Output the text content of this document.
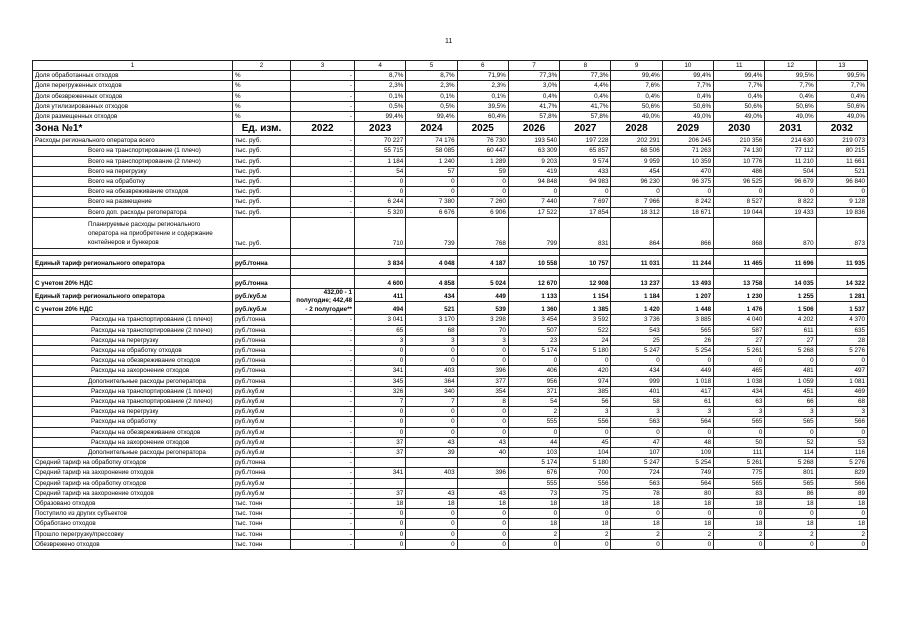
11
1	2	3	4	5	6	7	8	9	10	11	12	13
Доля обработанных отходов	%	-	8,7%	8,7%	71,9%	77,3%	77,3%	99,4%	99,4%	99,4%	99,5%	99,5%
Доля перегруженных отходов	%	-	2,3%	2,3%	2,3%	3,0%	4,4%	7,6%	7,7%	7,7%	7,7%	7,7%
Доля обезвреженных отходов	%	-	0,1%	0,1%	0,1%	0,4%	0,4%	0,4%	0,4%	0,4%	0,4%	0,4%
Доля утилизированных отходов	%	-	0,5%	0,5%	39,5%	41,7%	41,7%	50,6%	50,6%	50,6%	50,6%	50,6%
Доля размещенных отходов	%	-	99,4%	99,4%	60,4%	57,8%	57,8%	49,0%	49,0%	49,0%	49,0%	49,0%
Зона №1*	Ед. изм.	2022	2023	2024	2025	2026	2027	2028	2029	2030	2031	2032
Расходы регионального оператора всего	тыс. руб.	-	70 227	74 176	76 730	193 540	197 228	202 291	206 245	210 356	214 630	219 073
Всего на транспортирование (1 плечо)	тыс. руб.	-	55 715	58 085	60 447	63 309	65 857	68 506	71 263	74 130	77 112	80 215
Всего на транспортирование (2 плечо)	тыс. руб.	-	1 184	1 240	1 289	9 203	9 574	9 959	10 359	10 776	11 210	11 661
Всего на перегрузку	тыс. руб.	-	54	57	59	419	433	454	470	486	504	521
Всего на обработку	тыс. руб.	-	0	0	0	94 848	94 983	96 230	96 375	96 525	96 679	96 840
Всего на обезвреживание отходов	тыс. руб.	-	0	0	0	0	0	0	0	0	0	0
Всего на размещение	тыс. руб.	-	6 244	7 380	7 260	7 440	7 697	7 966	8 242	8 527	8 822	9 128
Всего доп. расходы регоператора	тыс. руб.	-	5 320	6 676	6 906	17 522	17 854	18 312	18 671	19 044	19 433	19 836
Планируемые расходы регионального оператора на приобретение и содержание контейнеров и бункеров	тыс. руб.		710	739	768	799	831	864	866	868	870	873

Единый тариф регионального оператора	руб./тонна		3 834	4 048	4 187	10 558	10 757	11 031	11 244	11 465	11 696	11 935

С учетом 20% НДС	руб./тонна		4 600	4 858	5 024	12 670	12 908	13 237	13 493	13 758	14 035	14 322
Единый тариф регионального оператора	руб./куб.м	432,00 - 1 полугодие; 442,48 - 2 полугодие**	411	434	449	1 133	1 154	1 184	1 207	1 230	1 255	1 281
С учетом 20% НДС	руб./куб.м		494	521	539	1 360	1 385	1 420	1 448	1 476	1 506	1 537
Расходы на транспортирование (1 плечо)	руб./тонна	-	3 041	3 170	3 298	3 454	3 592	3 736	3 885	4 040	4 202	4 370
Расходы на транспортирование (2 плечо)	руб./тонна	-	65	68	70	507	522	543	565	587	611	635
Расходы на перегрузку	руб./тонна	-	3	3	3	23	24	25	26	27	27	28
Расходы на обработку отходов	руб./тонна	-	0	0	0	5 174	5 180	5 247	5 254	5 261	5 268	5 276
Расходы на обезвреживание отходов	руб./тонна	-	0	0	0	0	0	0	0	0	0	0
Расходы на захоронение отходов	руб./тонна	-	341	403	396	406	420	434	449	465	481	497
Дополнительные расходы регоператора	руб./тонна	-	345	364	377	956	974	999	1 018	1 038	1 059	1 081
Расходы на транспортирование (1 плечо)	руб./куб.м	-	326	340	354	371	385	401	417	434	451	469
Расходы на транспортирование (2 плечо)	руб./куб.м	-	7	7	8	54	56	58	61	63	66	68
Расходы на перегрузку	руб./куб.м	-	0	0	0	2	3	3	3	3	3	3
Расходы на обработку	руб./куб.м	-	0	0	0	555	556	563	564	565	565	566
Расходы на обезвреживание отходов	руб./куб.м	-	0	0	0	0	0	0	0	0	0	0
Расходы на захоронение отходов	руб./куб.м	-	37	43	43	44	45	47	48	50	52	53
Дополнительные расходы регоператора	руб./куб.м	-	37	39	40	103	104	107	109	111	114	116
Средний тариф на обработку отходов	руб./тонна	-				5 174	5 180	5 247	5 254	5 261	5 268	5 276
Средний тариф на захоронение отходов	руб./тонна	-	341	403	396	676	700	724	749	775	801	829
Средний тариф на обработку отходов	руб./куб.м	-				555	556	563	564	565	565	566
Средний тариф на захоронение отходов	руб./куб.м	-	37	43	43	73	75	78	80	83	86	89
Образовано отходов	тыс. тонн	-	18	18	18	18	18	18	18	18	18	18
Поступило из других субъектов	тыс. тонн	-	0	0	0	0	0	0	0	0	0	0
Обработано отходов	тыс. тонн	-	0	0	0	18	18	18	18	18	18	18
Прошло перегрузку/прессовку	тыс. тонн	-	0	0	0	2	2	2	2	2	2	2
Обезврежено отходов	тыс. тонн	-	0	0	0	0	0	0	0	0	0	0
